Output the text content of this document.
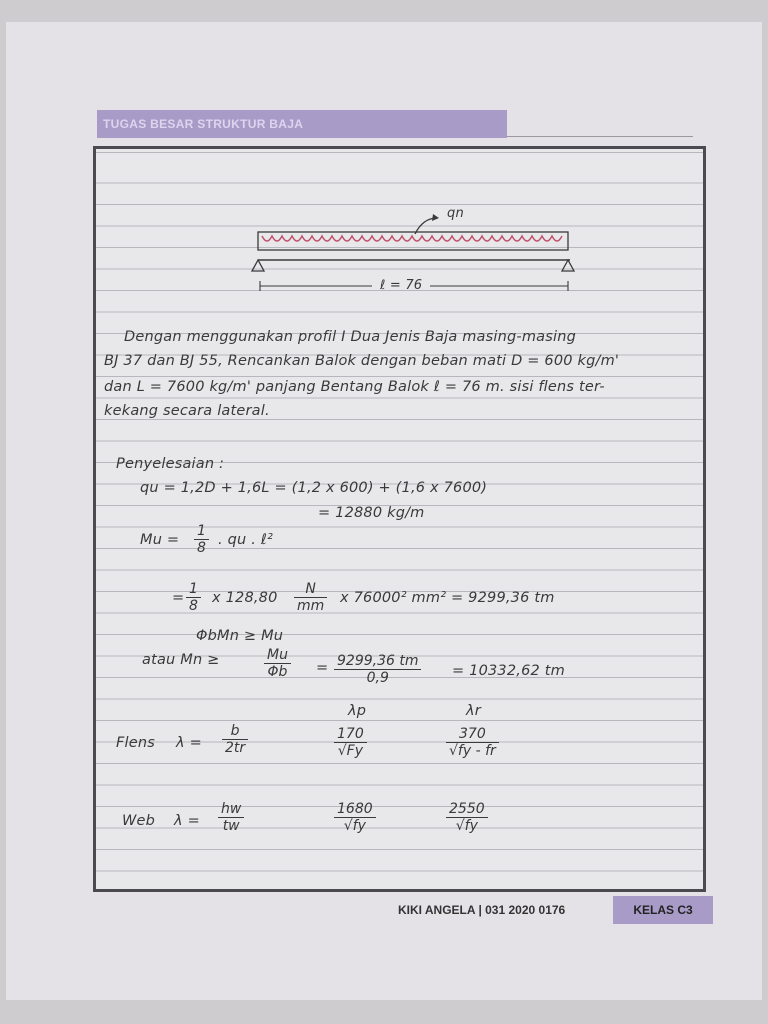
TUGAS BESAR STRUKTUR BAJA
qn
ℓ = 76
Dengan menggunakan profil I Dua Jenis Baja masing-masing
BJ 37 dan BJ 55, Rencankan Balok dengan beban mati D = 600 kg/m'
dan L = 7600 kg/m' panjang Bentang Balok ℓ = 76 m. sisi flens ter-
kekang secara lateral.
Penyelesaian :
qu = 1,2D + 1,6L = (1,2 x 600) + (1,6 x 7600)
= 12880 kg/m
$Mu = \frac{1}{8}$ . qu . ℓ²
= $\frac{1}{8}$ x $128,80 \frac{N}{mm}$ x 76000² mm² = 9299,36 tm
ΦbMn ≥ Mu
atau Mn ≥	$\frac{Mu}{\Phi b} = \frac{9299,36 tm}{0,9} = 10332,62$ tm
λp	λr
Flens $\lambda = \frac{b}{2tr}$	$\frac{170}{√Fy}$	$\frac{370}{√fy - fr}$
Web $\lambda = \frac{hw}{tw}$	$\frac{1680}{√fy}$	$\frac{2550}{√fy}$
KIKI ANGELA | 031 2020 0176	KELAS C3
